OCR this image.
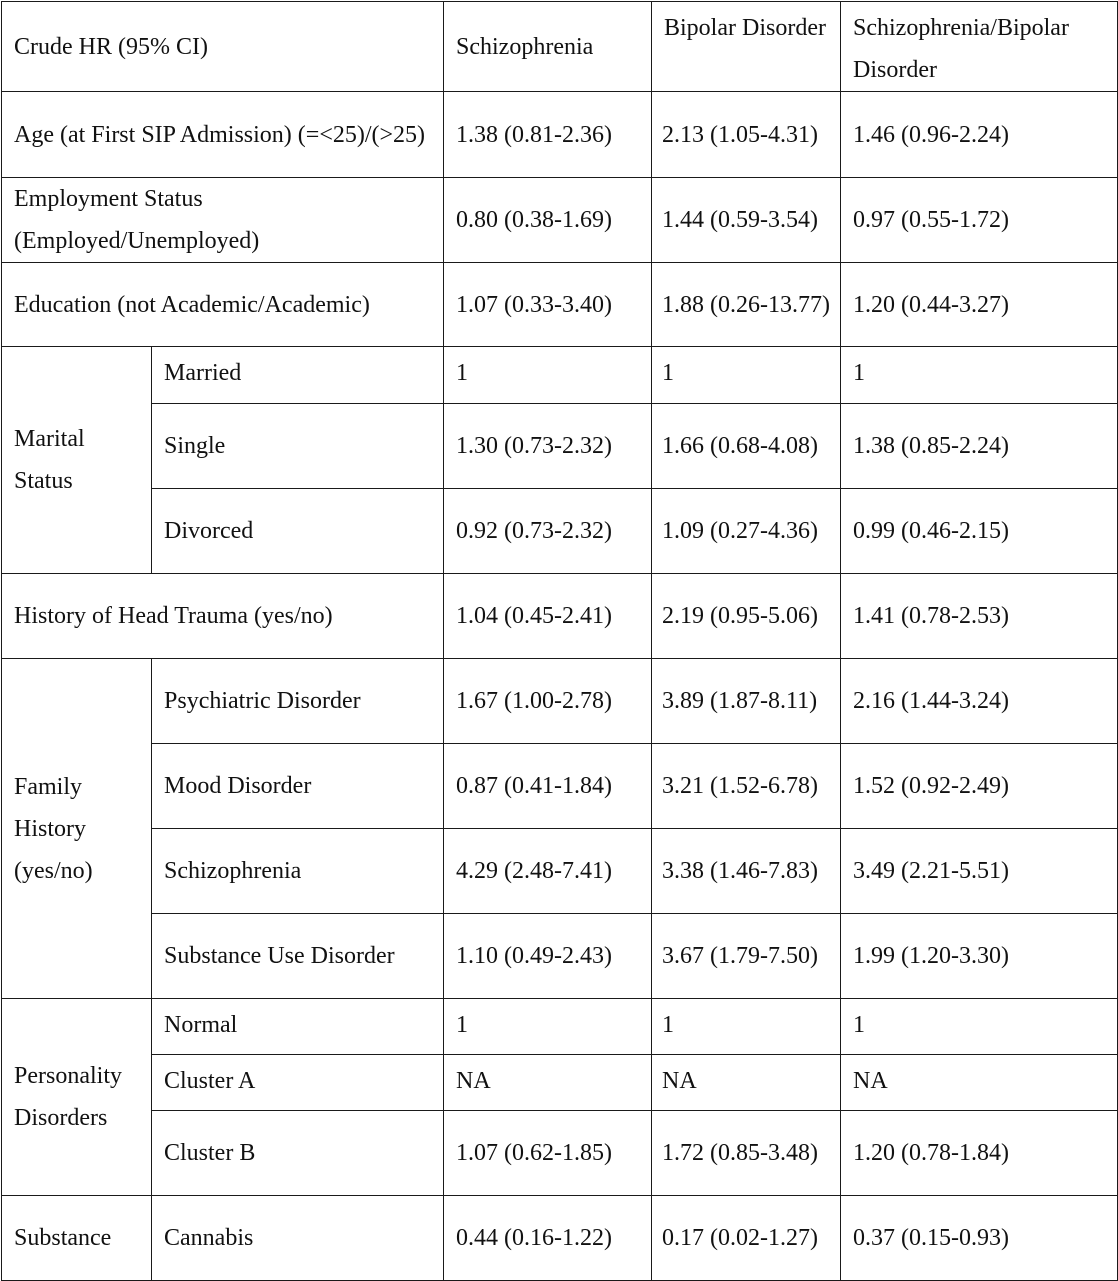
Crude HR (95% CI)		Schizophrenia	Bipolar Disorder	Schizophrenia/Bipolar Disorder
Age (at First SIP Admission) (=<25)/(>25)		1.38 (0.81-2.36)	2.13 (1.05-4.31)	1.46 (0.96-2.24)
Employment Status (Employed/Unemployed)		0.80 (0.38-1.69)	1.44 (0.59-3.54)	0.97 (0.55-1.72)
Education (not Academic/Academic)		1.07 (0.33-3.40)	1.88 (0.26-13.77)	1.20 (0.44-3.27)
Marital Status	Married	1	1	1
	Single	1.30 (0.73-2.32)	1.66 (0.68-4.08)	1.38 (0.85-2.24)
	Divorced	0.92 (0.73-2.32)	1.09 (0.27-4.36)	0.99 (0.46-2.15)
History of Head Trauma (yes/no)		1.04 (0.45-2.41)	2.19 (0.95-5.06)	1.41 (0.78-2.53)
Family History (yes/no)	Psychiatric Disorder	1.67 (1.00-2.78)	3.89 (1.87-8.11)	2.16 (1.44-3.24)
	Mood Disorder	0.87 (0.41-1.84)	3.21 (1.52-6.78)	1.52 (0.92-2.49)
	Schizophrenia	4.29 (2.48-7.41)	3.38 (1.46-7.83)	3.49 (2.21-5.51)
	Substance Use Disorder	1.10 (0.49-2.43)	3.67 (1.79-7.50)	1.99 (1.20-3.30)
Personality Disorders	Normal	1	1	1
	Cluster A	NA	NA	NA
	Cluster B	1.07 (0.62-1.85)	1.72 (0.85-3.48)	1.20 (0.78-1.84)
Substance	Cannabis	0.44 (0.16-1.22)	0.17 (0.02-1.27)	0.37 (0.15-0.93)
